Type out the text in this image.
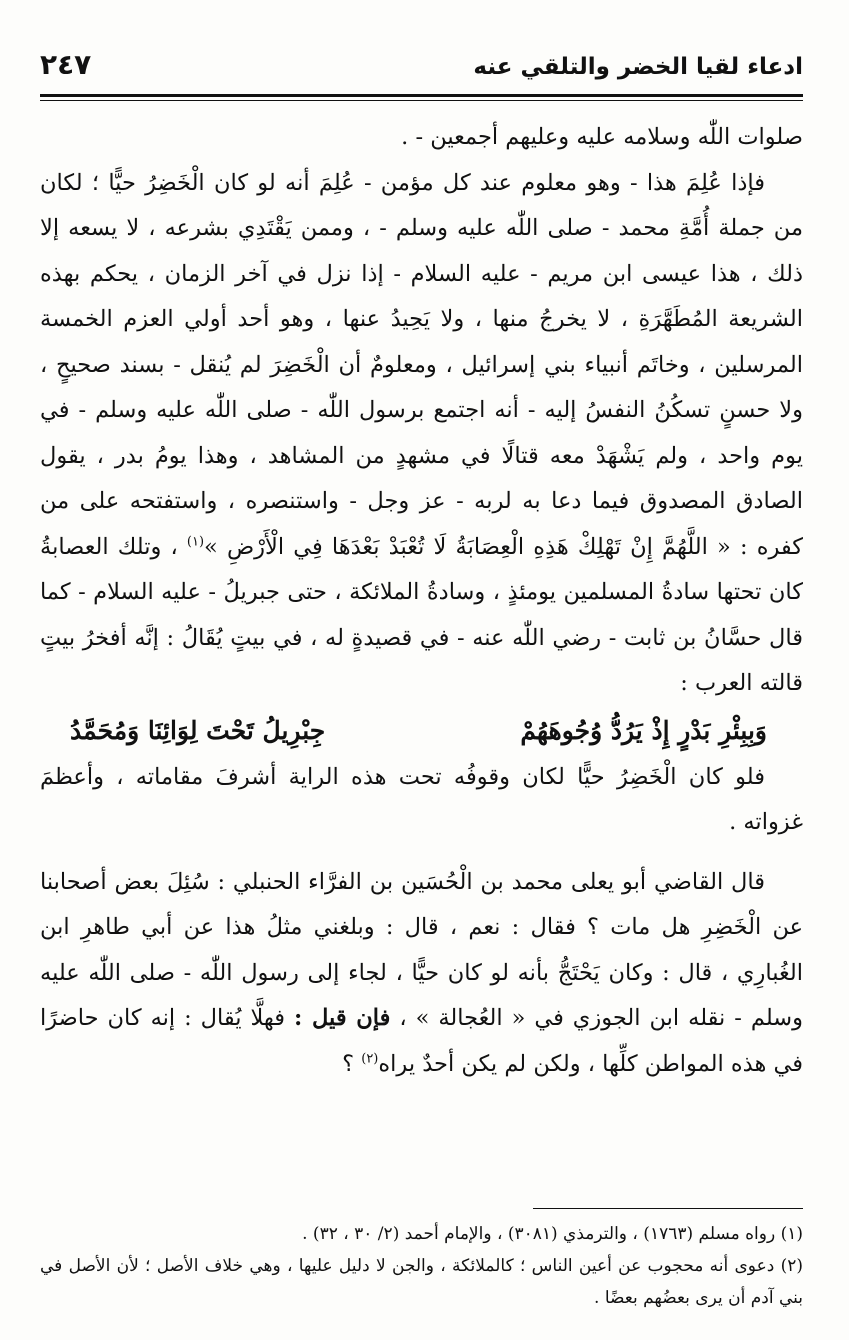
٢٤٧	ادعاء لقيا الخضر والتلقي عنه

صلوات اللّٰه وسلامه عليه وعليهم أجمعين - .

فإذا عُلِمَ هذا - وهو معلوم عند كل مؤمن - عُلِمَ أنه لو كان الْخَضِرُ حيًّا ؛ لكان من جملة أُمَّةِ محمد - صلى اللّٰه عليه وسلم - ، وممن يَقْتَدِي بشرعه ، لا يسعه إلا ذلك ، هذا عيسى ابن مريم - عليه السلام - إذا نزل في آخر الزمان ، يحكم بهذه الشريعة المُطَهَّرَةِ ، لا يخرجُ منها ، ولا يَحِيدُ عنها ، وهو أحد أولي العزم الخمسة المرسلين ، وخاتَم أنبياء بني إسرائيل ، ومعلومٌ أن الْخَضِرَ لم يُنقل - بسند صحيحٍ ، ولا حسنٍ تسكُنُ النفسُ إليه - أنه اجتمع برسول اللّٰه - صلى اللّٰه عليه وسلم - في يوم واحد ، ولم يَشْهَدْ معه قتالًا في مشهدٍ من المشاهد ، وهذا يومُ بدر ، يقول الصادق المصدوق فيما دعا به لربه - عز وجل - واستنصره ، واستفتحه على من كفره : « اللَّهُمَّ إِنْ تَهْلِكْ هَذِهِ الْعِصَابَةُ لَا تُعْبَدْ بَعْدَهَا فِي الْأَرْضِ »$^{(١)}$ ، وتلك العصابةُ كان تحتها سادةُ المسلمين يومئذٍ ، وسادةُ الملائكة ، حتى جبريلُ - عليه السلام - كما قال حسَّانُ بن ثابت - رضي اللّٰه عنه - في قصيدةٍ له ، في بيتٍ يُقَالُ : إنَّه أفخرُ بيتٍ قالته العرب :

وَبِبِئْرِ بَدْرٍ إِذْ يَرُدُّ وُجُوهَهُمْ
جِبْرِيلُ تَحْتَ لِوَائِنَا وَمُحَمَّدُ

فلو كان الْخَضِرُ حيًّا لكان وقوفُه تحت هذه الراية أشرفَ مقاماته ، وأعظمَ غزواته .

قال القاضي أبو يعلى محمد بن الْحُسَين بن الفرَّاء الحنبلي : سُئِلَ بعض أصحابنا عن الْخَضِرِ هل مات ؟ فقال : نعم ، قال : وبلغني مثلُ هذا عن أبي طاهرِ ابن الغُبارِي ، قال : وكان يَحْتَجُّ بأنه لو كان حيًّا ، لجاء إلى رسول اللّٰه - صلى اللّٰه عليه وسلم - نقله ابن الجوزي في « العُجالة » ، فإن قيل : فهلَّا يُقال : إنه كان حاضرًا في هذه المواطن كلِّها ، ولكن لم يكن أحدٌ يراه$^{(٢)}$ ؟

(١) رواه مسلم (١٧٦٣) ، والترمذي (٣٠٨١) ، والإمام أحمد (٢/ ٣٠ ، ٣٢) .

(٢) دعوى أنه محجوب عن أعين الناس ؛ كالملائكة ، والجن لا دليل عليها ، وهي خلاف الأصل ؛ لأن الأصل في بني آدم أن يرى بعضُهم بعضًا .
